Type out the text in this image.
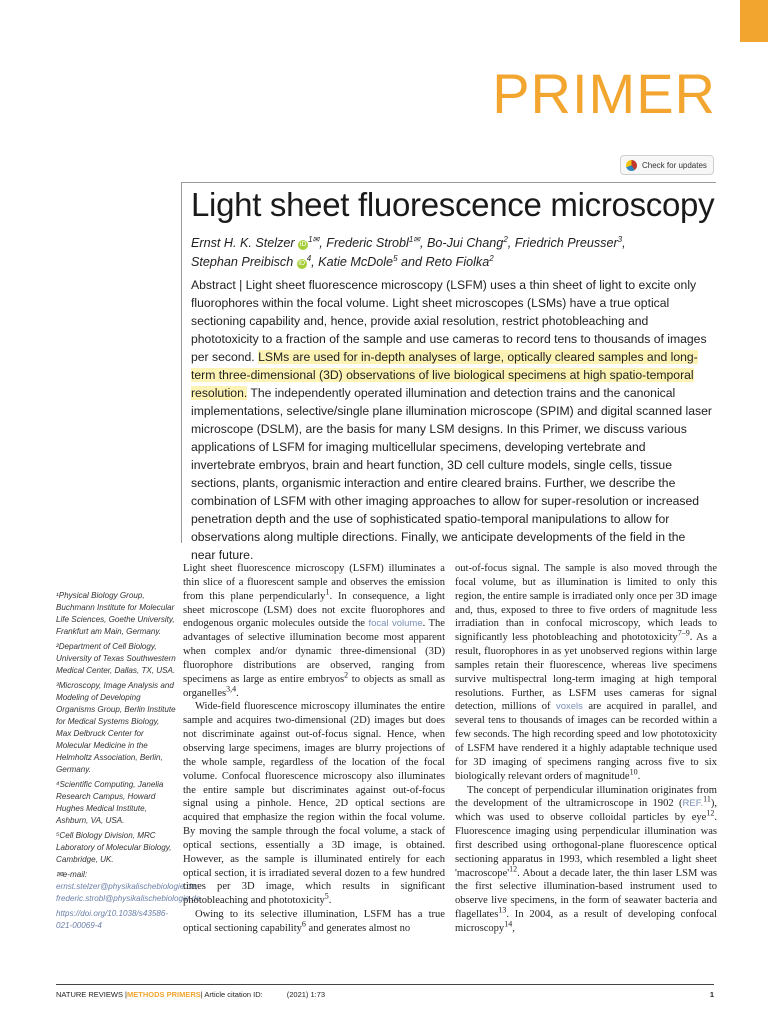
PRIMER
Check for updates
Light sheet fluorescence microscopy
Ernst H. K. Stelzer $iD^{1✉}$, Frederic Strobl$^{1✉}$, Bo-Jui Chang$^2$, Friedrich Preusser$^3$,
Stephan Preibisch $iD^4$, Katie McDole$^5$ and Reto Fiolka$^2$
Abstract | Light sheet fluorescence microscopy (LSFM) uses a thin sheet of light to excite only fluorophores within the focal volume. Light sheet microscopes (LSMs) have a true optical sectioning capability and, hence, provide axial resolution, restrict photobleaching and phototoxicity to a fraction of the sample and use cameras to record tens to thousands of images per second. LSMs are used for in-depth analyses of large, optically cleared samples and long-term three-dimensional (3D) observations of live biological specimens at high spatio-temporal resolution. The independently operated illumination and detection trains and the canonical implementations, selective/single plane illumination microscope (SPIM) and digital scanned laser microscope (DSLM), are the basis for many LSM designs. In this Primer, we discuss various applications of LSFM for imaging multicellular specimens, developing vertebrate and invertebrate embryos, brain and heart function, 3D cell culture models, single cells, tissue sections, plants, organismic interaction and entire cleared brains. Further, we describe the combination of LSFM with other imaging approaches to allow for super-resolution or increased penetration depth and the use of sophisticated spatio-temporal manipulations to allow for observations along multiple directions. Finally, we anticipate developments of the field in the near future.

¹Physical Biology Group, Buchmann Institute for Molecular Life Sciences, Goethe University, Frankfurt am Main, Germany.

²Department of Cell Biology, University of Texas Southwestern Medical Center, Dallas, TX, USA.

³Microscopy, Image Analysis and Modeling of Developing Organisms Group, Berlin Institute for Medical Systems Biology, Max Delbruck Center for Molecular Medicine in the Helmholtz Association, Berlin, Germany.

⁴Scientific Computing, Janelia Research Campus, Howard Hughes Medical Institute, Ashburn, VA, USA.

⁵Cell Biology Division, MRC Laboratory of Molecular Biology, Cambridge, UK.

✉e-mail: ernst.stelzer@physikalischebiologie.de; frederic.strobl@physikalischebiologie.de

https://doi.org/10.1038/s43586-021-00069-4

Light sheet fluorescence microscopy (LSFM) illuminates a thin slice of a fluorescent sample and observes the emission from this plane perpendicularly$^1$. In consequence, a light sheet microscope (LSM) does not excite fluorophores and endogenous organic molecules outside the focal volume. The advantages of selective illumination become most apparent when complex and/or dynamic three-dimensional (3D) fluorophore distributions are observed, ranging from specimens as large as entire embryos$^2$ to objects as small as organelles$^{3,4}$.

Wide-field fluorescence microscopy illuminates the entire sample and acquires two-dimensional (2D) images but does not discriminate against out-of-focus signal. Hence, when observing large specimens, images are blurry projections of the whole sample, regardless of the location of the focal volume. Confocal fluorescence microscopy also illuminates the entire sample but discriminates against out-of-focus signal using a pinhole. Hence, 2D optical sections are acquired that emphasize the region within the focal volume. By moving the sample through the focal volume, a stack of optical sections, essentially a 3D image, is obtained. However, as the sample is illuminated entirely for each optical section, it is irradiated several dozen to a few hundred times per 3D image, which results in significant photobleaching and phototoxicity$^5$.

Owing to its selective illumination, LSFM has a true optical sectioning capability$^6$ and generates almost no

out-of-focus signal. The sample is also moved through the focal volume, but as illumination is limited to only this region, the entire sample is irradiated only once per 3D image and, thus, exposed to three to five orders of magnitude less irradiation than in confocal microscopy, which leads to significantly less photobleaching and phototoxicity$^{7-9}$. As a result, fluorophores in as yet unobserved regions within large samples retain their fluorescence, whereas live specimens survive multispectral long-term imaging at high temporal resolutions. Further, as LSFM uses cameras for signal detection, millions of voxels are acquired in parallel, and several tens to thousands of images can be recorded within a few seconds. The high recording speed and low phototoxicity of LSFM have rendered it a highly adaptable technique used for 3D imaging of specimens ranging across five to six biologically relevant orders of magnitude$^{10}$.

The concept of perpendicular illumination originates from the development of the ultramicroscope in 1902 (REF.$^{11}$), which was used to observe colloidal particles by eye$^{12}$. Fluorescence imaging using perpendicular illumination was first described using orthogonal-plane fluorescence optical sectioning apparatus in 1993, which resembled a light sheet '$macroscope'^{12}$. About a decade later, the thin laser LSM was the first selective illumination-based instrument used to observe live specimens, in the form of seawater bacteria and flagellates$^{13}$. In 2004, as a result of developing confocal microscopy$^{14}$,

NATURE REVIEWS | METHODS PRIMERS | Article citation ID:	(2021) 1:73	1
